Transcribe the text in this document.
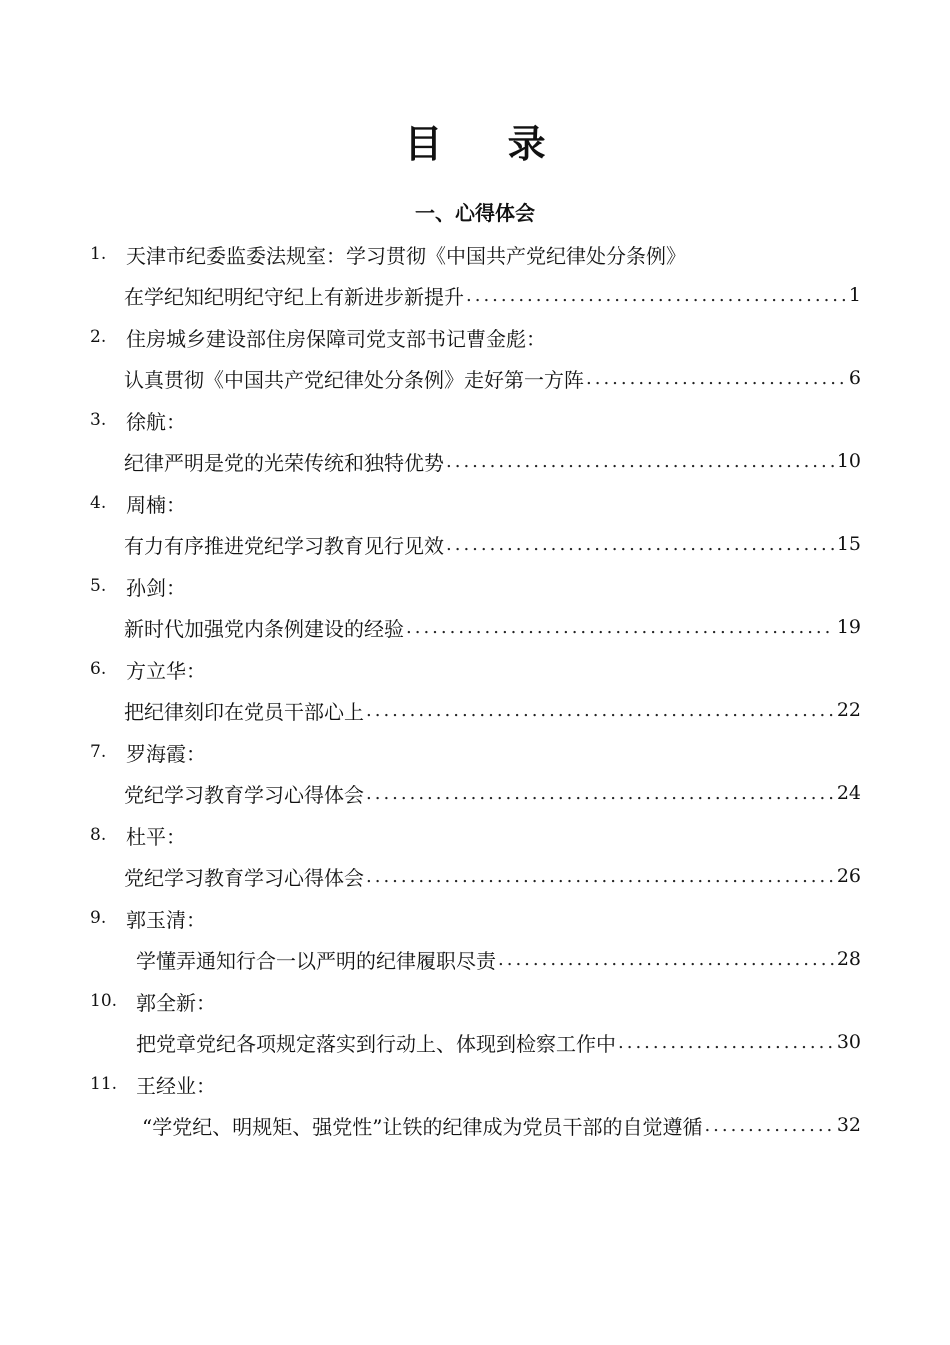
目 录
一、心得体会
1. 天津市纪委监委法规室：学习贯彻《中国共产党纪律处分条例》
在学纪知纪明纪守纪上有新进步新提升 .....	1
2. 住房城乡建设部住房保障司党支部书记曹金彪：
认真贯彻《中国共产党纪律处分条例》走好第一方阵 .....	6
3. 徐航：
纪律严明是党的光荣传统和独特优势 .....	10
4. 周楠：
有力有序推进党纪学习教育见行见效 .....	15
5. 孙剑：
新时代加强党内条例建设的经验 .....	19
6. 方立华：
把纪律刻印在党员干部心上 .....	22
7. 罗海霞：
党纪学习教育学习心得体会 .....	24
8. 杜平：
党纪学习教育学习心得体会 .....	26
9. 郭玉清：
学懂弄通知行合一以严明的纪律履职尽责 .....	28
10. 郭全新：
把党章党纪各项规定落实到行动上、体现到检察工作中 .....	30
11. 王经业：
“学党纪、明规矩、强党性”让铁的纪律成为党员干部的自觉遵循 .....	32
